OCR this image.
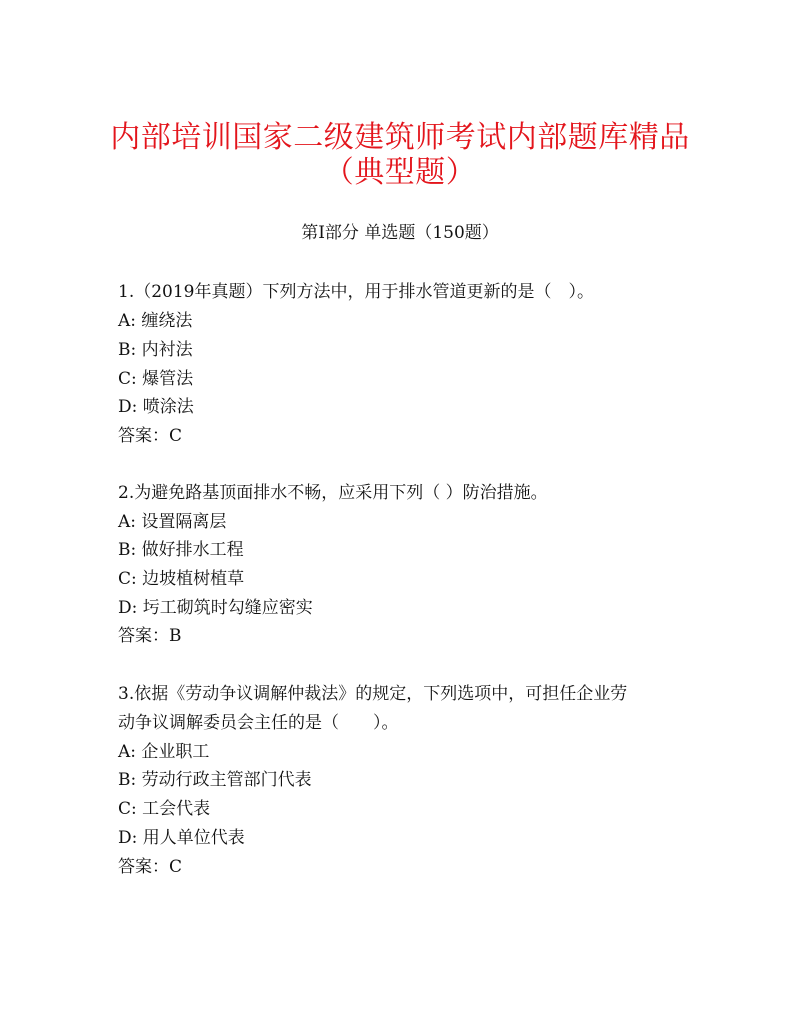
内部培训国家二级建筑师考试内部题库精品
（典型题）
第I部分 单选题（150题）
1.（2019年真题）下列方法中，用于排水管道更新的是（　）。
A: 缠绕法
B: 内衬法
C: 爆管法
D: 喷涂法
答案：C
2.为避免路基顶面排水不畅，应采用下列（ ）防治措施。
A: 设置隔离层
B: 做好排水工程
C: 边坡植树植草
D: 圬工砌筑时勾缝应密实
答案：B
3.依据《劳动争议调解仲裁法》的规定，下列选项中，可担任企业劳
动争议调解委员会主任的是（　　）。
A: 企业职工
B: 劳动行政主管部门代表
C: 工会代表
D: 用人单位代表
答案：C
